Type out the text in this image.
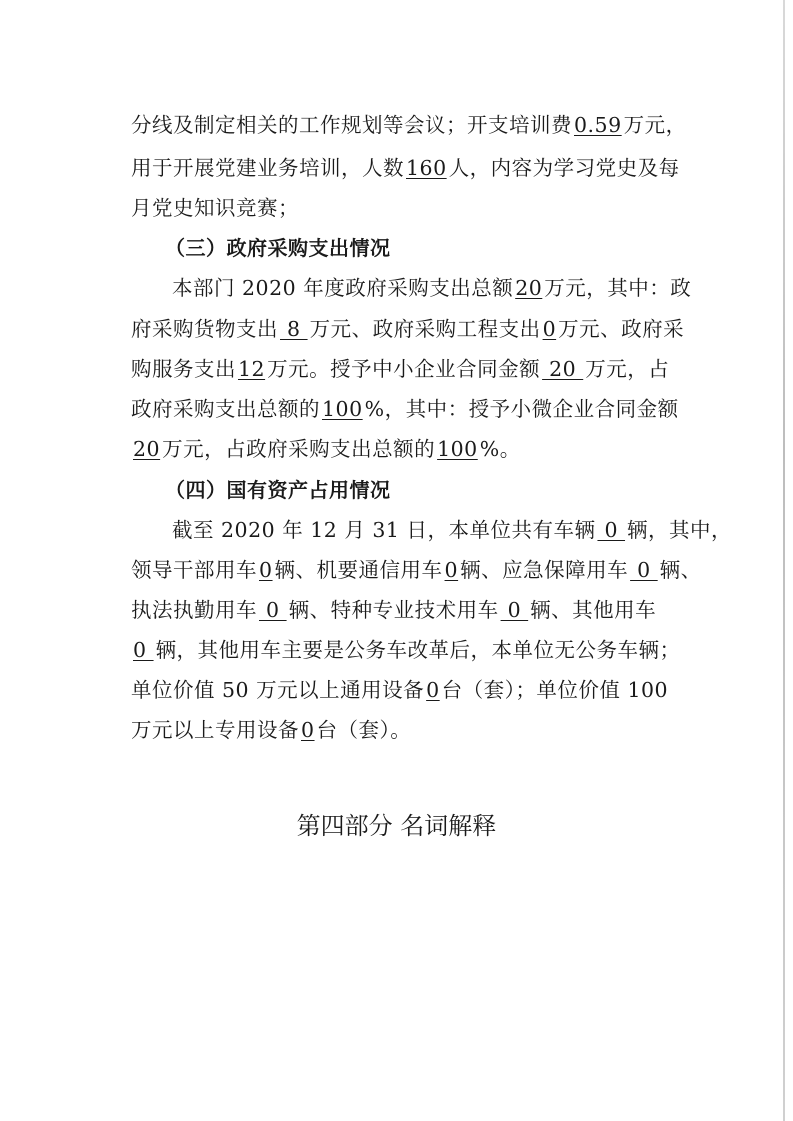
分线及制定相关的工作规划等会议；开支培训费0.59万元，
用于开展党建业务培训，人数160人，内容为学习党史及每
月党史知识竞赛；
（三）政府采购支出情况
本部门 2020 年度政府采购支出总额20万元，其中：政
府采购货物支出 8 万元、政府采购工程支出0万元、政府采
购服务支出12万元。授予中小企业合同金额 20 万元，占
政府采购支出总额的100%，其中：授予小微企业合同金额
20万元，占政府采购支出总额的100%。
（四）国有资产占用情况
截至 2020 年 12 月 31 日，本单位共有车辆 0 辆，其中，
领导干部用车0辆、机要通信用车0辆、应急保障用车 0 辆、
执法执勤用车 0 辆、特种专业技术用车 0 辆、其他用车
0 辆，其他用车主要是公务车改革后，本单位无公务车辆；
单位价值 50 万元以上通用设备0台（套）；单位价值 100
万元以上专用设备0台（套）。
第四部分 名词解释
